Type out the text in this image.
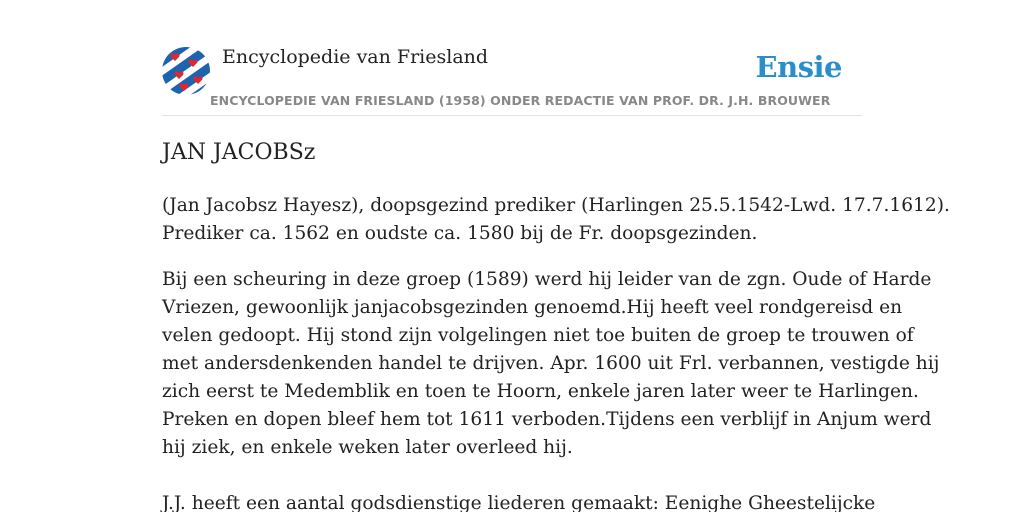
Encyclopedie van Friesland	Ensie
ENCYCLOPEDIE VAN FRIESLAND (1958) ONDER REDACTIE VAN PROF. DR. J.H. BROUWER
JAN JACOBSz

(Jan Jacobsz Hayesz), doopsgezind prediker (Harlingen 25.5.1542-Lwd. 17.7.1612).
Prediker ca. 1562 en oudste ca. 1580 bij de Fr. doopsgezinden.

Bij een scheuring in deze groep (1589) werd hij leider van de zgn. Oude of Harde
Vriezen, gewoonlijk janjacobsgezinden genoemd.Hij heeft veel rondgereisd en
velen gedoopt. Hij stond zijn volgelingen niet toe buiten de groep te trouwen of
met andersdenkenden handel te drijven. Apr. 1600 uit Frl. verbannen, vestigde hij
zich eerst te Medemblik en toen te Hoorn, enkele jaren later weer te Harlingen.
Preken en dopen bleef hem tot 1611 verboden.Tijdens een verblijf in Anjum werd
hij ziek, en enkele weken later overleed hij.

J.J. heeft een aantal godsdienstige liederen gemaakt: Eenighe Gheestelijcke
